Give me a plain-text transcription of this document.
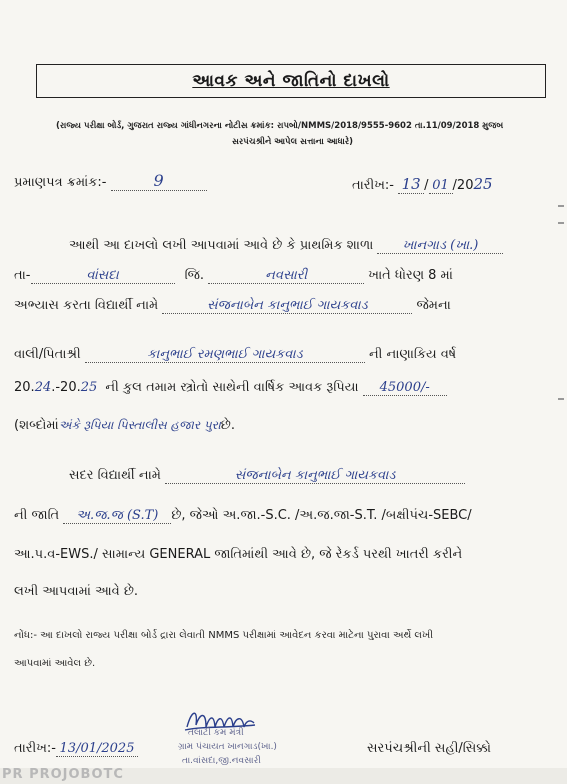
આવક અને જાતિનો દાખલો
(રાજ્ય પરીક્ષા બોર્ડ, ગુજરાત રાજ્ય ગાંધીનગરના નોટીસ ક્રમાંક: રાપબો/NMMS/2018/9555-9602 તા.11/09/2018 મુજબ
સરપંચશ્રીને આપેલ સત્તાના આધારે)
પ્રમાણપત્ર ક્રમાંક:-	9	તારીખ:- 13 / 01 /2025
આથી આ દાખલો લખી આપવામાં આવે છે કે પ્રાથમિક શાળા ખાનગાડ (ખા.)
તા-	વાંસદા	જિ.	નવસારી	ખાતે ધોરણ 8 માં
અભ્યાસ કરતા વિદ્યાર્થી નામે	સંજનાબેન કાનુભાઈ ગાયકવાડ	જેમના
વાલી/પિતાશ્રી	કાનુભાઈ રમણભાઈ ગાયકવાડ	ની નાણાકિય વર્ષ
20.24.-20.25 ની કુલ તમામ સ્ત્રોતો સાથેની વાર્ષિક આવક રૂપિયા 45000/-
(શબ્દોમાંઅંકે રૂપિયા પિસ્તાલીસ હજાર પુરાછે.
સદર વિદ્યાર્થી નામે	સંજનાબેન કાનુભાઈ ગાયકવાડ
ની જાતિ અ.જ.જ (S.T) છે, જેઓ અ.જા.-S.C. /અ.જ.જા-S.T. /બક્ષીપંચ-SEBC/
આ.પ.વ-EWS./ સામાન્ય GENERAL જાતિમાંથી આવે છે, જે રેકર્ડ પરથી ખાતરી કરીને
લખી આપવામાં આવે છે.
નોંધ:- આ દાખલો રાજ્ય પરીક્ષા બોર્ડ દ્રારા લેવાતી NMMS પરીક્ષામાં આવેદન કરવા માટેના પુરાવા અર્થે લખી
આપવામાં આવેલ છે.
તારીખ:- 13/01/2025
તલાટી કમ મંત્રી
ગ્રામ પંચાયત ખાનગાડ(ખા.)
તા.વાંસદા,જી.નવસારી
સરપંચશ્રીની સહી/સિક્કો
PR PROJOBOTC
